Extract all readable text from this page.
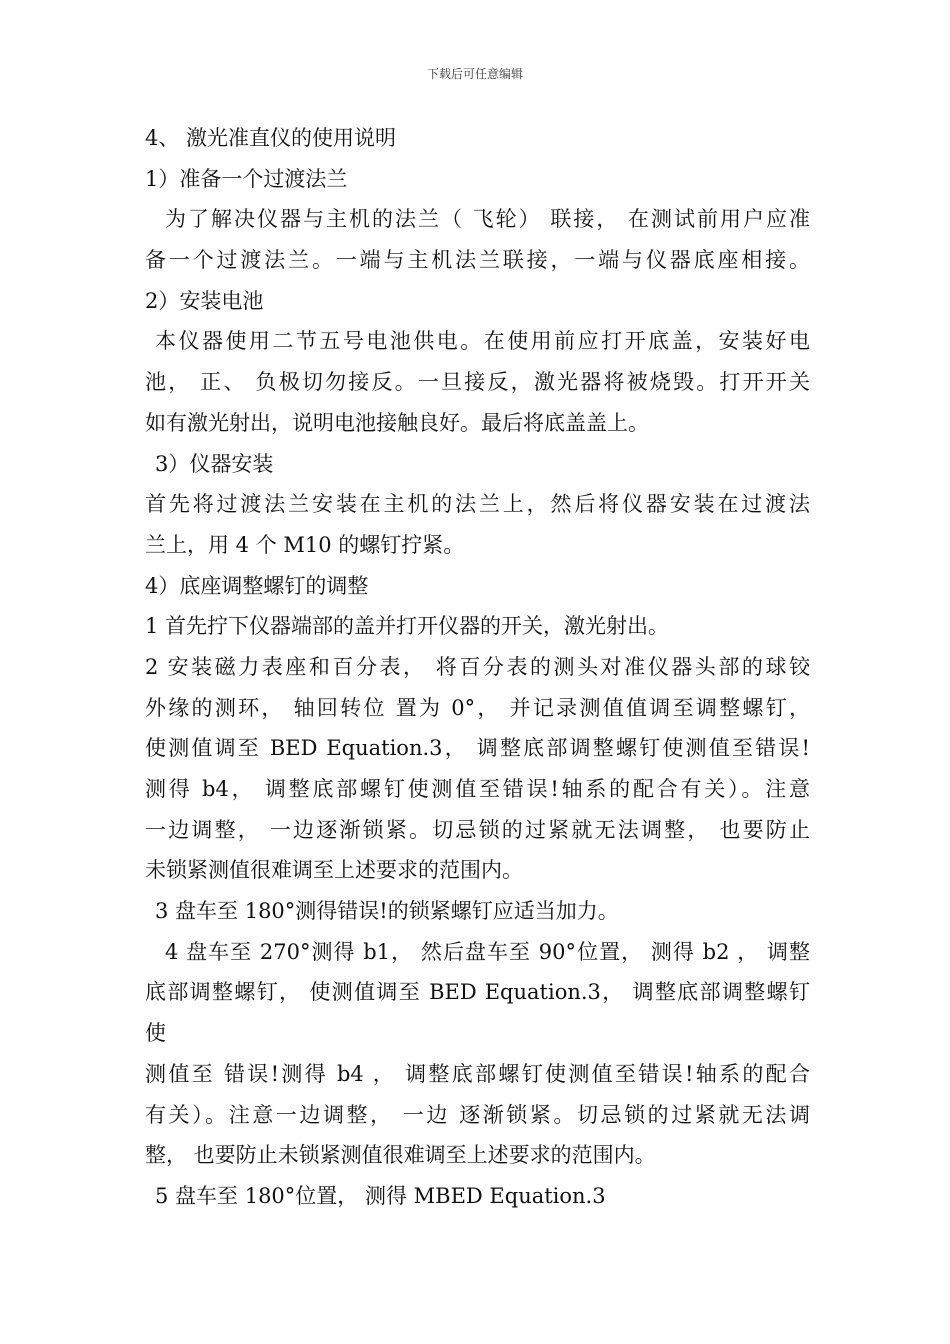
下载后可任意编辑

4、 激光准直仪的使用说明

1）准备一个过渡法兰

为了解决仪器与主机的法兰（ 飞轮） 联接， 在测试前用户应准

备一个过渡法兰。一端与主机法兰联接，一端与仪器底座相接。

2）安装电池

本仪器使用二节五号电池供电。在使用前应打开底盖，安装好电

池， 正、 负极切勿接反。一旦接反，激光器将被烧毁。打开开关

如有激光射出，说明电池接触良好。最后将底盖盖上。

3）仪器安装

首先将过渡法兰安装在主机的法兰上，然后将仪器安装在过渡法

兰上，用 4 个 M10 的螺钉拧紧。

4）底座调整螺钉的调整

1 首先拧下仪器端部的盖并打开仪器的开关，激光射出。

2 安装磁力表座和百分表， 将百分表的测头对准仪器头部的球铰

外缘的测环， 轴回转位 置为 0°， 并记录测值值调至调整螺钉，

使测值调至 BED Equation.3， 调整底部调整螺钉使测值至错误!

测得 b4， 调整底部螺钉使测值至错误!轴系的配合有关）。注意

一边调整， 一边逐渐锁紧。切忌锁的过紧就无法调整， 也要防止

未锁紧测值很难调至上述要求的范围内。

3 盘车至 180°测得错误!的锁紧螺钉应适当加力。

4 盘车至 270°测得 b1， 然后盘车至 90°位置， 测得 b2 ， 调整

底部调整螺钉， 使测值调至 BED Equation.3， 调整底部调整螺钉

使

测值至 错误!测得 b4 ， 调整底部螺钉使测值至错误!轴系的配合

有关）。注意一边调整， 一边 逐渐锁紧。切忌锁的过紧就无法调

整， 也要防止未锁紧测值很难调至上述要求的范围内。

5 盘车至 180°位置， 测得 MBED Equation.3
